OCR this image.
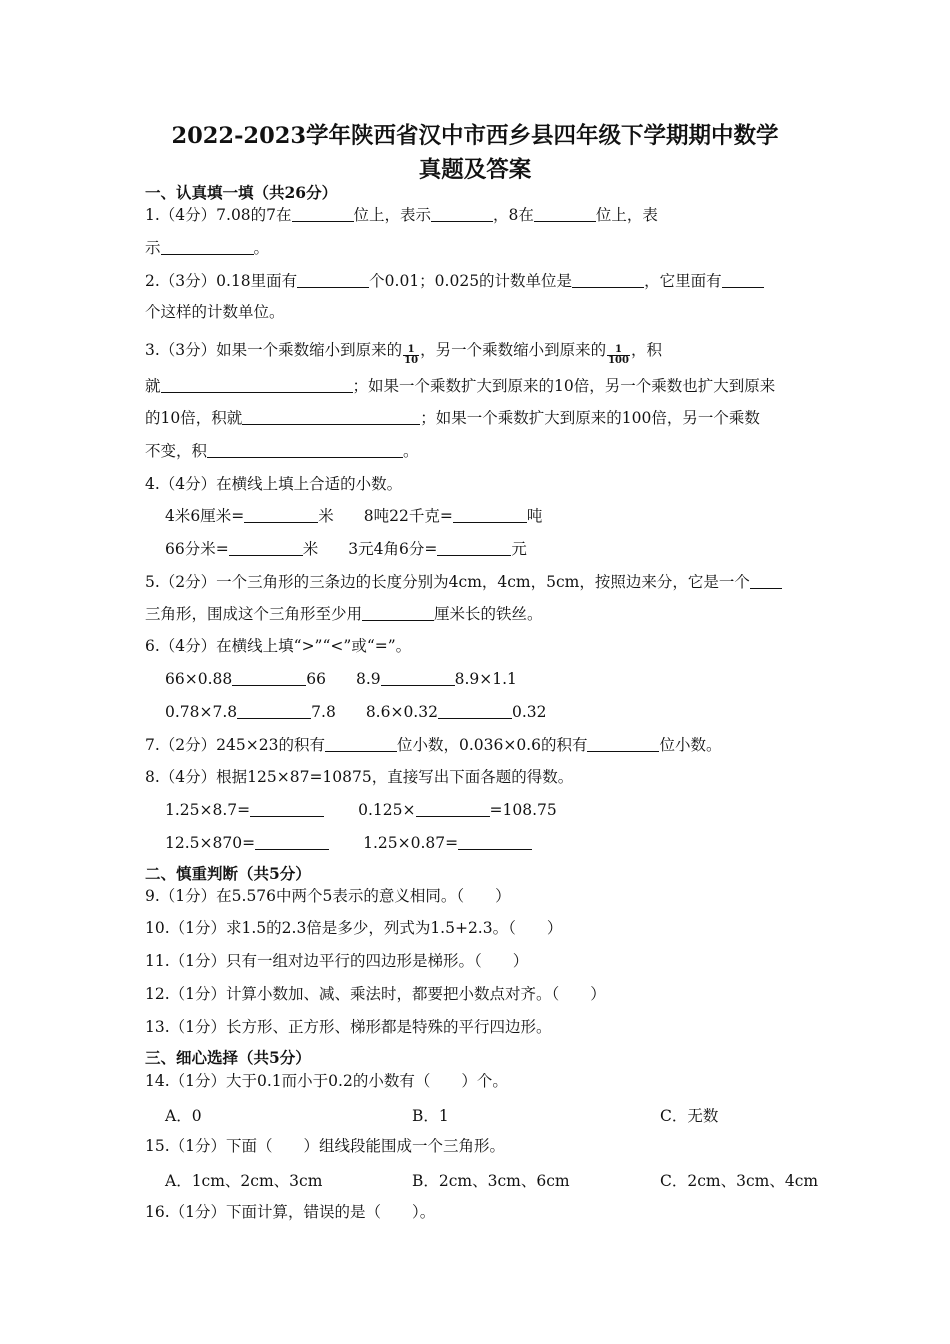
2022-2023学年陕西省汉中市西乡县四年级下学期期中数学
真题及答案
一、认真填一填（共26分）
1.（4分）7.08的7在	位上，表示	，8在	位上，表
示	。
2.（3分）0.18里面有	个0.01；0.025的计数单位是	，它里面有
个这样的计数单位。
3.（3分）如果一个乘数缩小到原来的 $\frac{1}{10}$ ，另一个乘数缩小到原来的 $\frac{1}{100}$ ，积
就	；如果一个乘数扩大到原来的10倍，另一个乘数也扩大到原来
的10倍，积就	；如果一个乘数扩大到原来的100倍，另一个乘数
不变，积	。
4.（4分）在横线上填上合适的小数。
4米6厘米=	米 8吨22千克=	吨
66分米=	米 3元4角6分=	元
5.（2分）一个三角形的三条边的长度分别为4cm，4cm，5cm，按照边来分，它是一个
三角形，围成这个三角形至少用	厘米长的铁丝。
6.（4分）在横线上填“>”“<”或“=”。
66×0.88	66 8.9	8.9×1.1
0.78×7.8	7.8 8.6×0.32	0.32
7.（2分）245×23的积有	位小数，0.036×0.6的积有	位小数。
8.（4分）根据125×87=10875，直接写出下面各题的得数。
1.25×8.7=	0.125×	=108.75
12.5×870=	1.25×0.87=
二、慎重判断（共5分）
9.（1分）在5.576中两个5表示的意义相同。（　　）
10.（1分）求1.5的2.3倍是多少，列式为1.5+2.3。（　　）
11.（1分）只有一组对边平行的四边形是梯形。（　　）
12.（1分）计算小数加、减、乘法时，都要把小数点对齐。（　　）
13.（1分）长方形、正方形、梯形都是特殊的平行四边形。
三、细心选择（共5分）
14.（1分）大于0.1而小于0.2的小数有（　　）个。
A．0	B．1	C．无数
15.（1分）下面（　　）组线段能围成一个三角形。
A．1cm、2cm、3cm	B．2cm、3cm、6cm	C．2cm、3cm、4cm
16.（1分）下面计算，错误的是（　　）。
